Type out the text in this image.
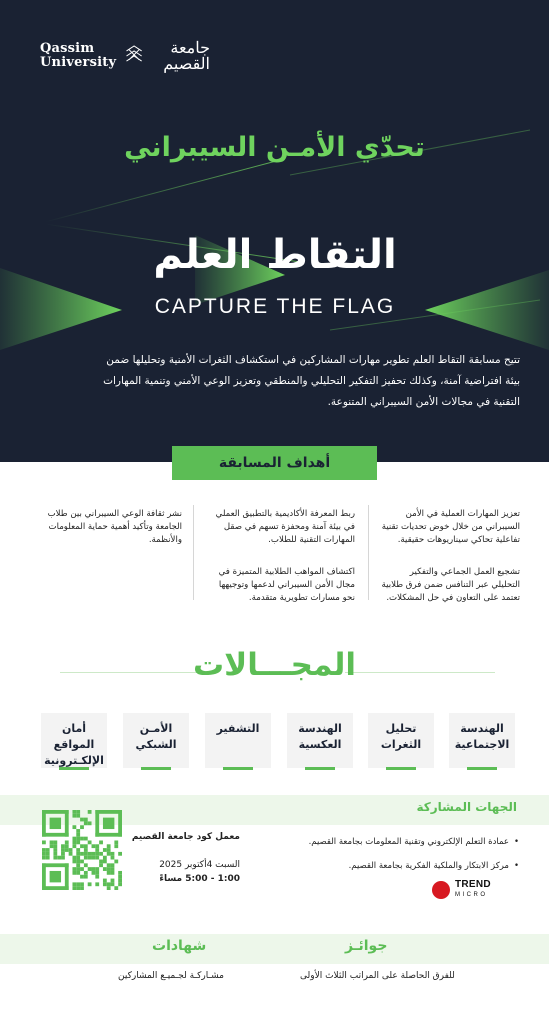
Qassim
University
جامعة القصيم
تحدّي الأمـن السيبراني
التقاط العلم
CAPTURE THE FLAG

تتيح مسابقة التقاط العلم تطوير مهارات المشاركين في استكشاف الثغرات الأمنية وتحليلها ضمن بيئة افتراضية آمنة، وكذلك تحفيز التفكير التحليلي والمنطقي وتعزيز الوعي الأمني وتنمية المهارات التقنية في مجالات الأمن السيبراني المتنوعة.

أهداف المسابقة

تعزيز المهارات العملية في الأمن السيبراني من خلال خوض تحديات تقنية تفاعلية تحاكي سيناريوهات حقيقية.

تشجيع العمل الجماعي والتفكير التحليلي عبر التنافس ضمن فرق طلابية تعتمد على التعاون في حل المشكلات.

ربط المعرفة الأكاديمية بالتطبيق العملي في بيئة آمنة ومحفزة تسهم في صقل المهارات التقنية للطلاب.

اكتشاف المواهب الطلابية المتميزة في مجال الأمن السيبراني لدعمها وتوجيهها نحو مسارات تطويرية متقدمة.

نشر ثقافة الوعي السيبراني بين طلاب الجامعة وتأكيد أهمية حماية المعلومات والأنظمة.

المجـــالات
الهندسة الاجتماعية
تحليل الثغرات
الهندسة العكسية
التشفير
الأمـن الشبكي
أمان المواقع الإلكـترونية
الجهات المشاركة
• عمادة التعلم الإلكتروني وتقنية المعلومات بجامعة القصيم.
• مركز الابتكار والملكية الفكرية بجامعة القصيم.
TREND
MICRO
معمل كود جامعة القصيم
السبت 4أكتوبر 2025
1:00 - 5:00 مساءً
جوائـز
شهادات
للفرق الحاصلة على المراتب الثلاث الأولى
مشـاركـة لجـميـع المشاركين
